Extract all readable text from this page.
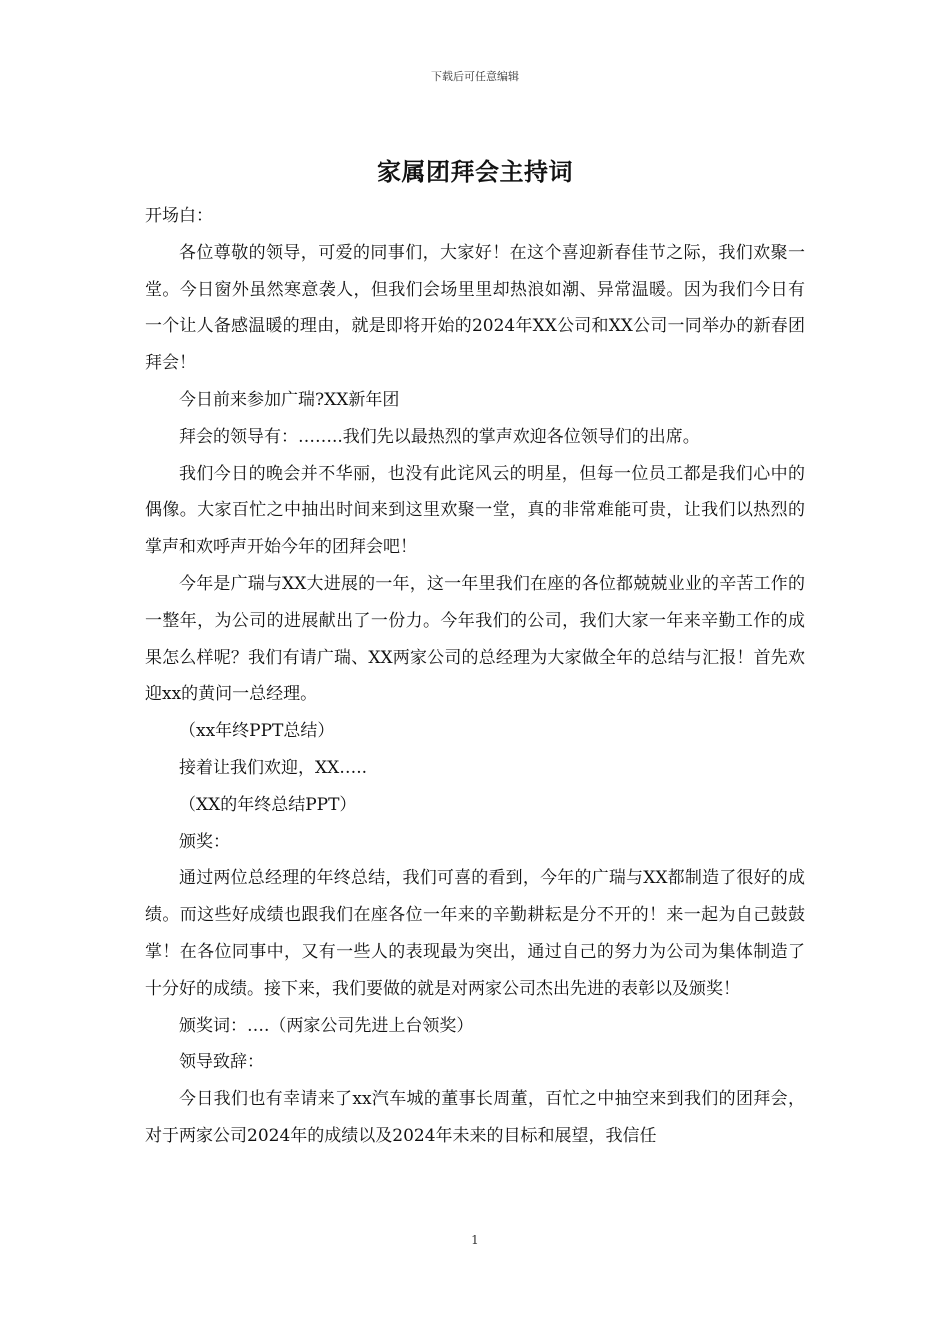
下载后可任意编辑
家属团拜会主持词

开场白：

各位尊敬的领导，可爱的同事们，大家好！在这个喜迎新春佳节之际，我们欢聚一堂。今日窗外虽然寒意袭人，但我们会场里里却热浪如潮、异常温暖。因为我们今日有一个让人备感温暖的理由，就是即将开始的2024年XX公司和XX公司一同举办的新春团拜会！

今日前来参加广瑞?XX新年团

拜会的领导有：……..我们先以最热烈的掌声欢迎各位领导们的出席。

我们今日的晚会并不华丽，也没有此诧风云的明星，但每一位员工都是我们心中的偶像。大家百忙之中抽出时间来到这里欢聚一堂，真的非常难能可贵，让我们以热烈的掌声和欢呼声开始今年的团拜会吧！

今年是广瑞与XX大进展的一年，这一年里我们在座的各位都兢兢业业的辛苦工作的一整年，为公司的进展献出了一份力。今年我们的公司，我们大家一年来辛勤工作的成果怎么样呢？我们有请广瑞、XX两家公司的总经理为大家做全年的总结与汇报！首先欢迎xx的黄问一总经理。

（xx年终PPT总结）

接着让我们欢迎，XX…..

（XX的年终总结PPT）

颁奖：

通过两位总经理的年终总结，我们可喜的看到，今年的广瑞与XX都制造了很好的成绩。而这些好成绩也跟我们在座各位一年来的辛勤耕耘是分不开的！来一起为自己鼓鼓掌！在各位同事中，又有一些人的表现最为突出，通过自己的努力为公司为集体制造了十分好的成绩。接下来，我们要做的就是对两家公司杰出先进的表彰以及颁奖！

颁奖词：….（两家公司先进上台领奖）

领导致辞：

今日我们也有幸请来了xx汽车城的董事长周董，百忙之中抽空来到我们的团拜会，对于两家公司2024年的成绩以及2024年未来的目标和展望，我信任

1
